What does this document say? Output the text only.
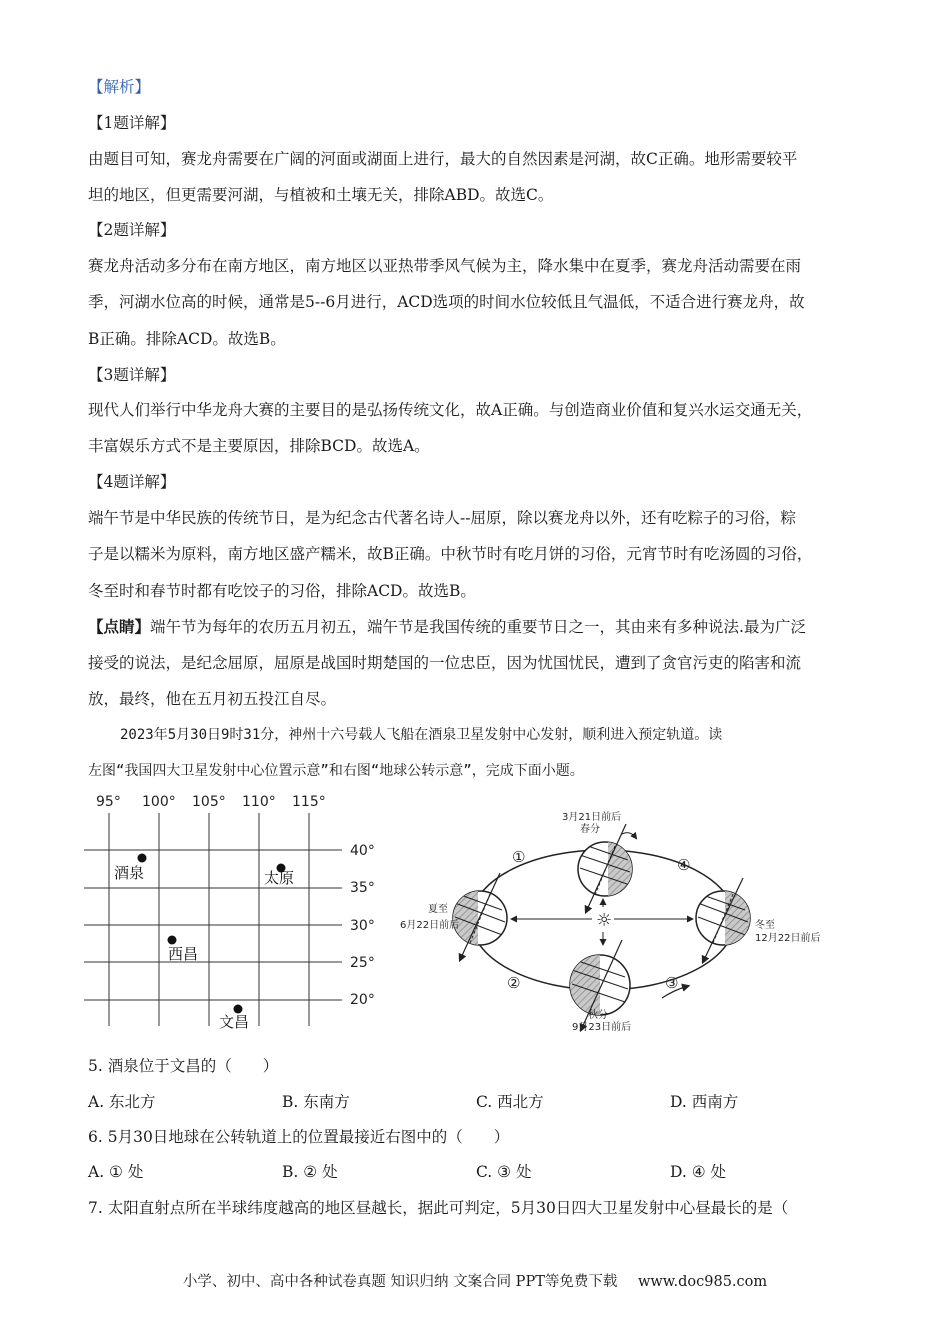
【解析】
【1题详解】
由题目可知，赛龙舟需要在广阔的河面或湖面上进行，最大的自然因素是河湖，故C正确。地形需要较平
坦的地区，但更需要河湖，与植被和土壤无关，排除ABD。故选C。
【2题详解】
赛龙舟活动多分布在南方地区，南方地区以亚热带季风气候为主，降水集中在夏季，赛龙舟活动需要在雨
季，河湖水位高的时候，通常是5--6月进行，ACD选项的时间水位较低且气温低，不适合进行赛龙舟，故
B正确。排除ACD。故选B。
【3题详解】
现代人们举行中华龙舟大赛的主要目的是弘扬传统文化，故A正确。与创造商业价值和复兴水运交通无关，
丰富娱乐方式不是主要原因，排除BCD。故选A。
【4题详解】
端午节是中华民族的传统节日，是为纪念古代著名诗人--屈原，除以赛龙舟以外，还有吃粽子的习俗，粽
子是以糯米为原料，南方地区盛产糯米，故B正确。中秋节时有吃月饼的习俗，元宵节时有吃汤圆的习俗，
冬至时和春节时都有吃饺子的习俗，排除ACD。故选B。
【点睛】端午节为每年的农历五月初五，端午节是我国传统的重要节日之一，其由来有多种说法.最为广泛
接受的说法，是纪念屈原，屈原是战国时期楚国的一位忠臣，因为忧国忧民，遭到了贪官污吏的陷害和流
放，最终，他在五月初五投江自尽。
2023年5月30日9时31分，神州十六号载人飞船在酒泉卫星发射中心发射，顺利进入预定轨道。读
左图“我国四大卫星发射中心位置示意”和右图“地球公转示意”，完成下面小题。
95° 100° 105° 110° 115°
40°
35°
30°
25°
20°
酒泉	太原
西昌
文昌
☼
3月21日前后
春分
夏至
6月22日前后	冬至
12月22日前后
秋分
9月23日前后
①
②	③
④
5. 酒泉位于文昌的（　　）
A. 东北方	B. 东南方	C. 西北方	D. 西南方
6. 5月30日地球在公转轨道上的位置最接近右图中的（　　）
A. ① 处	B. ② 处	C. ③ 处	D. ④ 处
7. 太阳直射点所在半球纬度越高的地区昼越长，据此可判定，5月30日四大卫星发射中心昼最长的是（
小学、初中、高中各种试卷真题 知识归纳 文案合同 PPT等免费下载 www.doc985.com
